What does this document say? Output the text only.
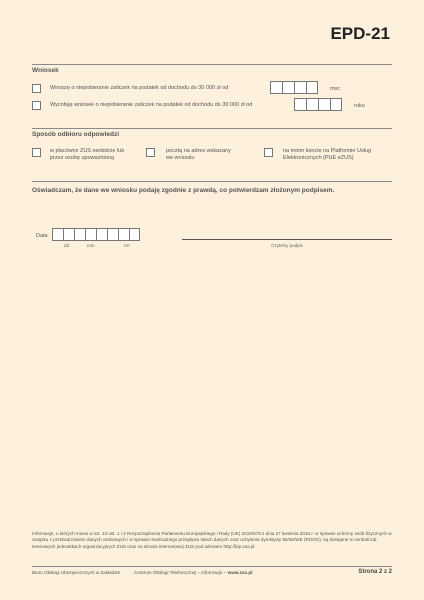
EPD-21
Wniosek
Wnoszę o niepobieranie zaliczek na podatek od dochodu do 30 000 zł od	msc
Wycofuję wniosek o niepobieranie zaliczek na podatek od dochodu do 30 000 zł od	roku
Sposób odbioru odpowiedzi
w placówce ZUS osobiście lub
przez osobę upoważnioną
pocztą na adres wskazany
we wniosku
na moim koncie na Platformie Usług
Elektronicznych (PUE eZUS)
Oświadczam, że dane we wniosku podaję zgodnie z prawdą, co potwierdzam złożonym podpisem.
Data
dd	mm	rrrr	Czytelny podpis
Informacje, o których mowa w art. 13 ust. 1 i 2 Rozporządzenia Parlamentu Europejskiego i Rady (UE) 2016/679 z dnia 27 kwietnia 2016 r. w sprawie ochrony osób fizycznych w związku z przetwarzaniem danych osobowych i w sprawie swobodnego przepływu takich danych oraz uchylenia dyrektywy 95/46/WE (RODO), są dostępne w centrali lub terenowych jednostkach organizacyjnych ZUS oraz na stronie internetowej ZUS pod adresem http://bip.zus.pl
Biuro Obsługi Ubezpieczonych w Zakładzie	Centrum Obsługi Telefonicznej – informacje – www.zus.pl	Strona 2 z 2
